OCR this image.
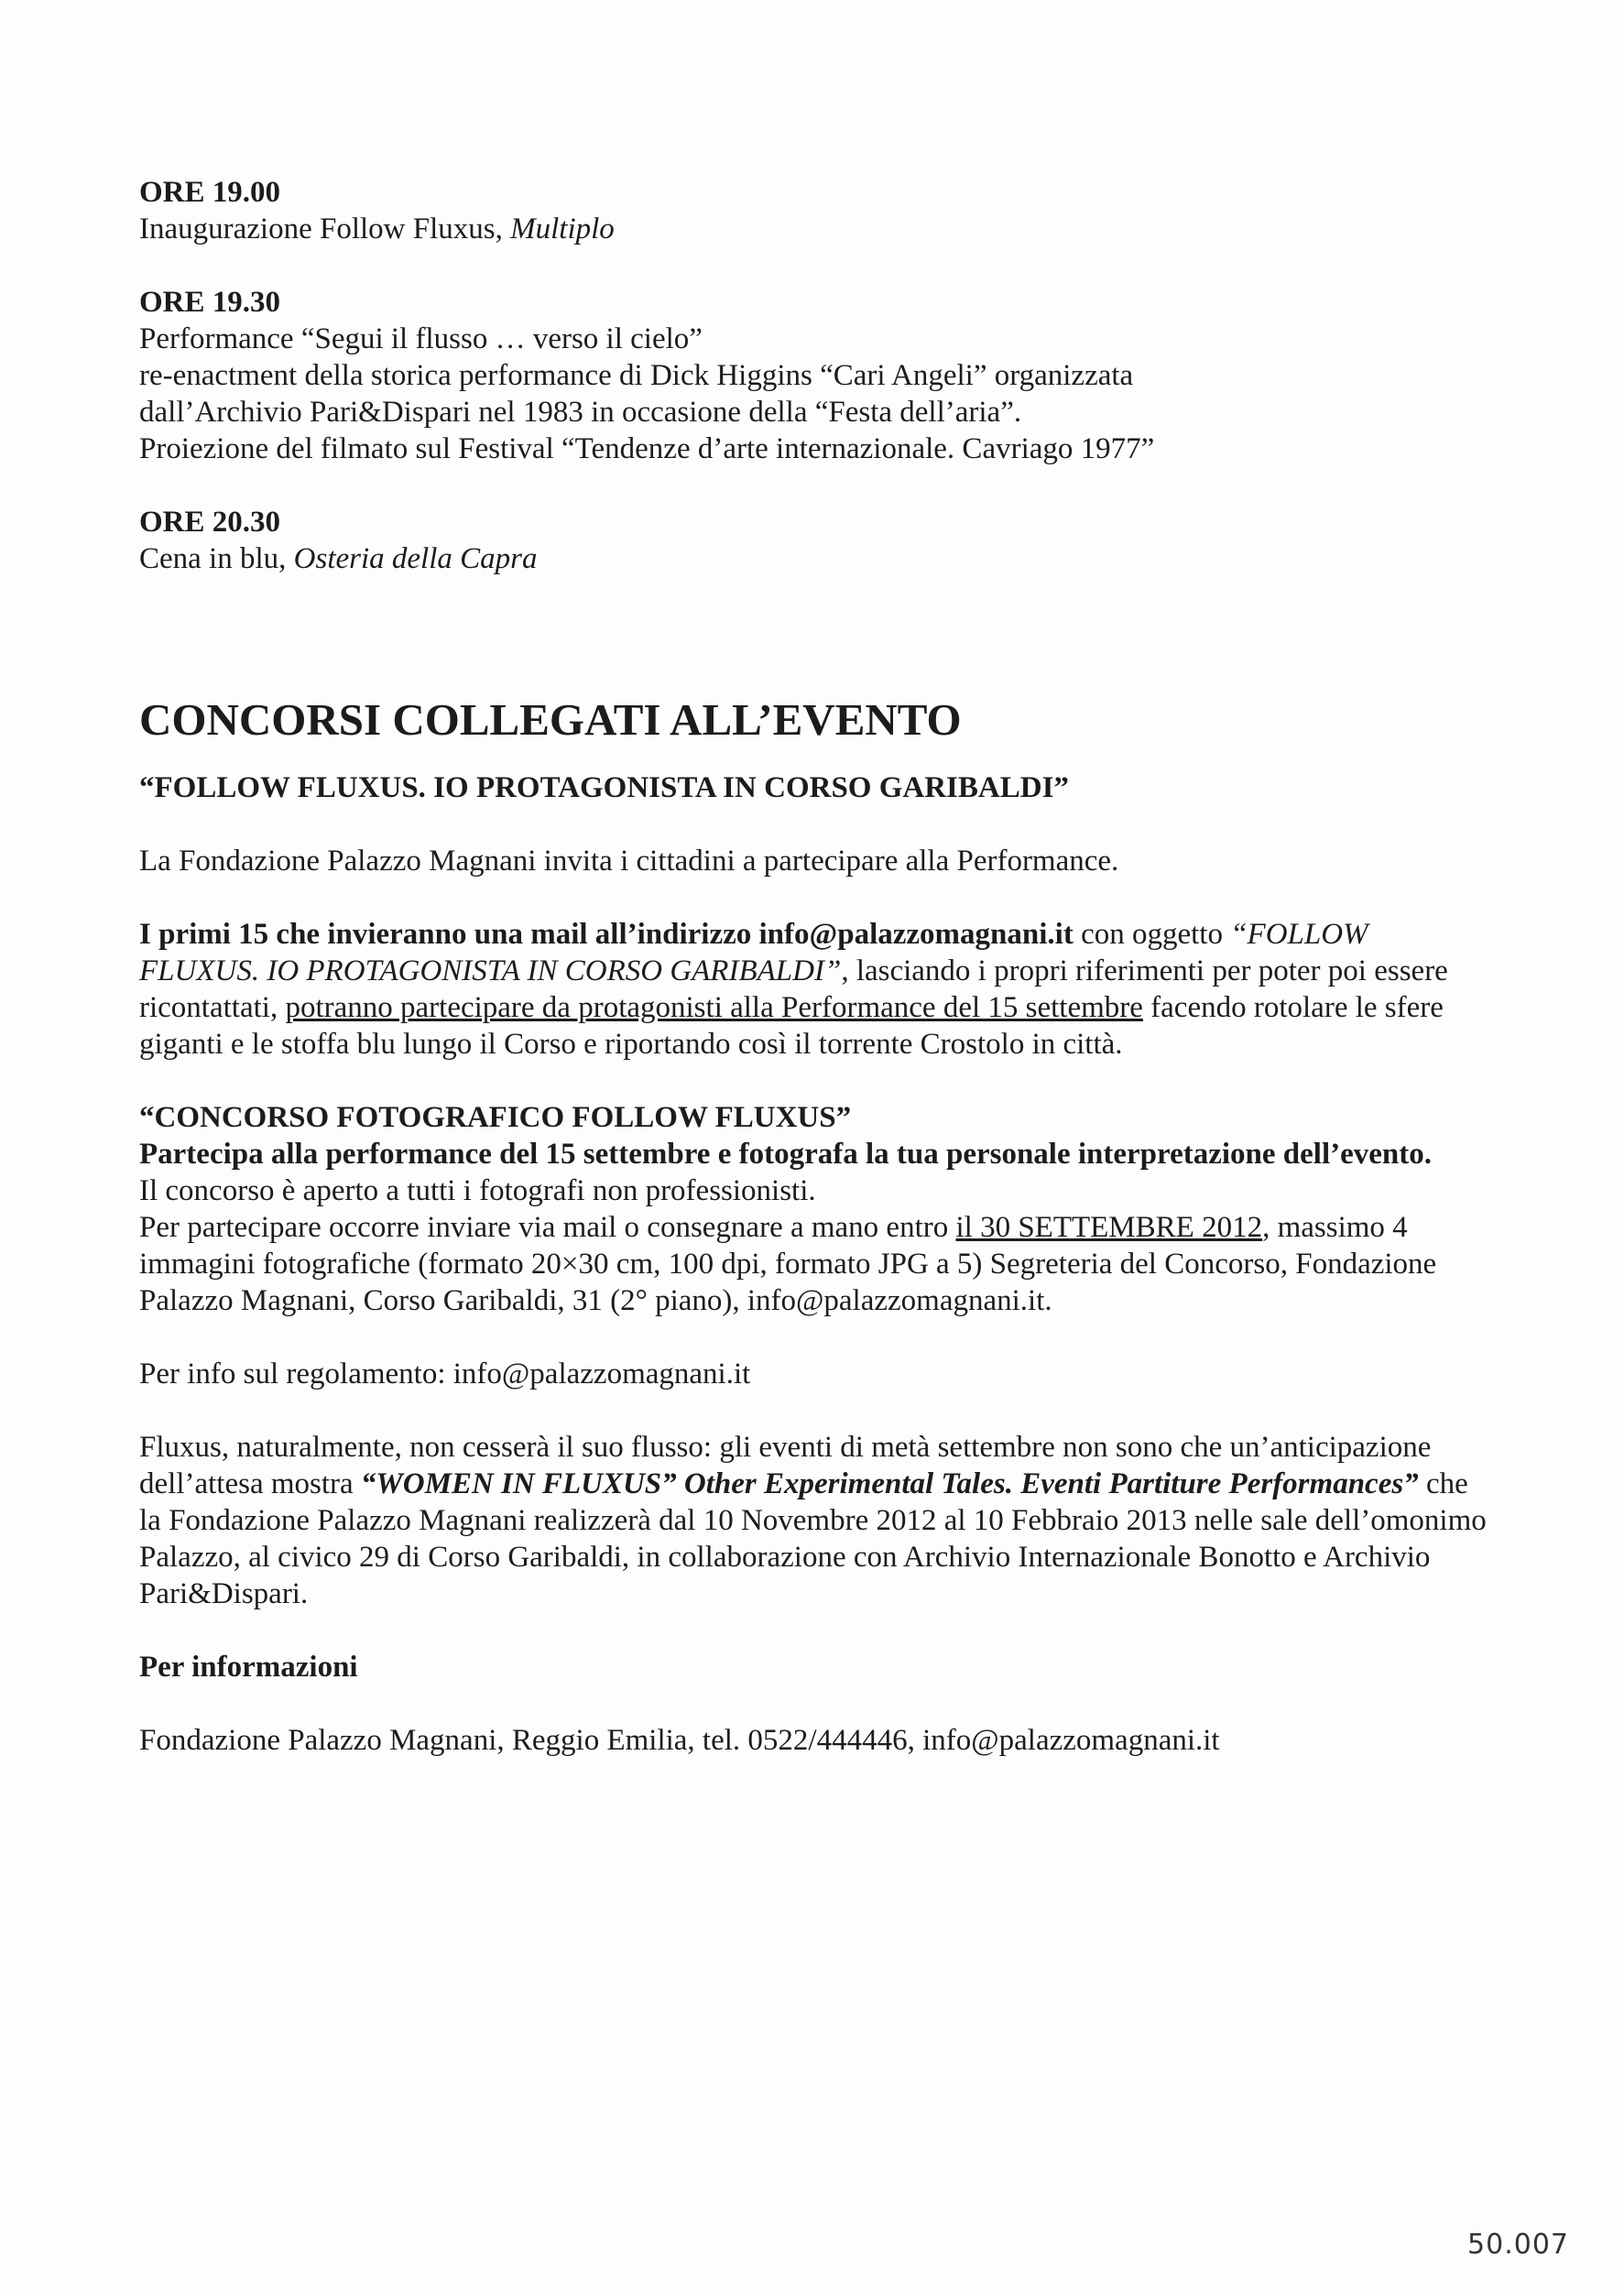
ORE 19.00
Inaugurazione Follow Fluxus, Multiplo
ORE 19.30
Performance “Segui il flusso … verso il cielo”
re-enactment della storica performance di Dick Higgins “Cari Angeli” organizzata
dall’Archivio Pari&Dispari nel 1983 in occasione della “Festa dell’aria”.
Proiezione del filmato sul Festival “Tendenze d’arte internazionale. Cavriago 1977”
ORE 20.30
Cena in blu, Osteria della Capra
CONCORSI COLLEGATI ALL’EVENTO
“FOLLOW FLUXUS. IO PROTAGONISTA IN CORSO GARIBALDI”

La Fondazione Palazzo Magnani invita i cittadini a partecipare alla Performance.

I primi 15 che invieranno una mail all’indirizzo info@palazzomagnani.it con oggetto “FOLLOW FLUXUS. IO PROTAGONISTA IN CORSO GARIBALDI”, lasciando i propri riferimenti per poter poi essere ricontattati, potranno partecipare da protagonisti alla Performance del 15 settembre facendo rotolare le sfere giganti e le stoffa blu lungo il Corso e riportando così il torrente Crostolo in città.

“CONCORSO FOTOGRAFICO FOLLOW FLUXUS”

Partecipa alla performance del 15 settembre e fotografa la tua personale interpretazione dell’evento.

Il concorso è aperto a tutti i fotografi non professionisti.

Per partecipare occorre inviare via mail o consegnare a mano entro il 30 SETTEMBRE 2012, massimo 4 immagini fotografiche (formato 20×30 cm, 100 dpi, formato JPG a 5) Segreteria del Concorso, Fondazione Palazzo Magnani, Corso Garibaldi, 31 (2° piano), info@palazzomagnani.it.

Per info sul regolamento: info@palazzomagnani.it

Fluxus, naturalmente, non cesserà il suo flusso: gli eventi di metà settembre non sono che un’anticipazione dell’attesa mostra “WOMEN IN FLUXUS” Other Experimental Tales. Eventi Partiture Performances” che la Fondazione Palazzo Magnani realizzerà dal 10 Novembre 2012 al 10 Febbraio 2013 nelle sale dell’omonimo Palazzo, al civico 29 di Corso Garibaldi, in collaborazione con Archivio Internazionale Bonotto e Archivio Pari&Dispari.

Per informazioni

Fondazione Palazzo Magnani, Reggio Emilia, tel. 0522/444446, info@palazzomagnani.it

50.007
